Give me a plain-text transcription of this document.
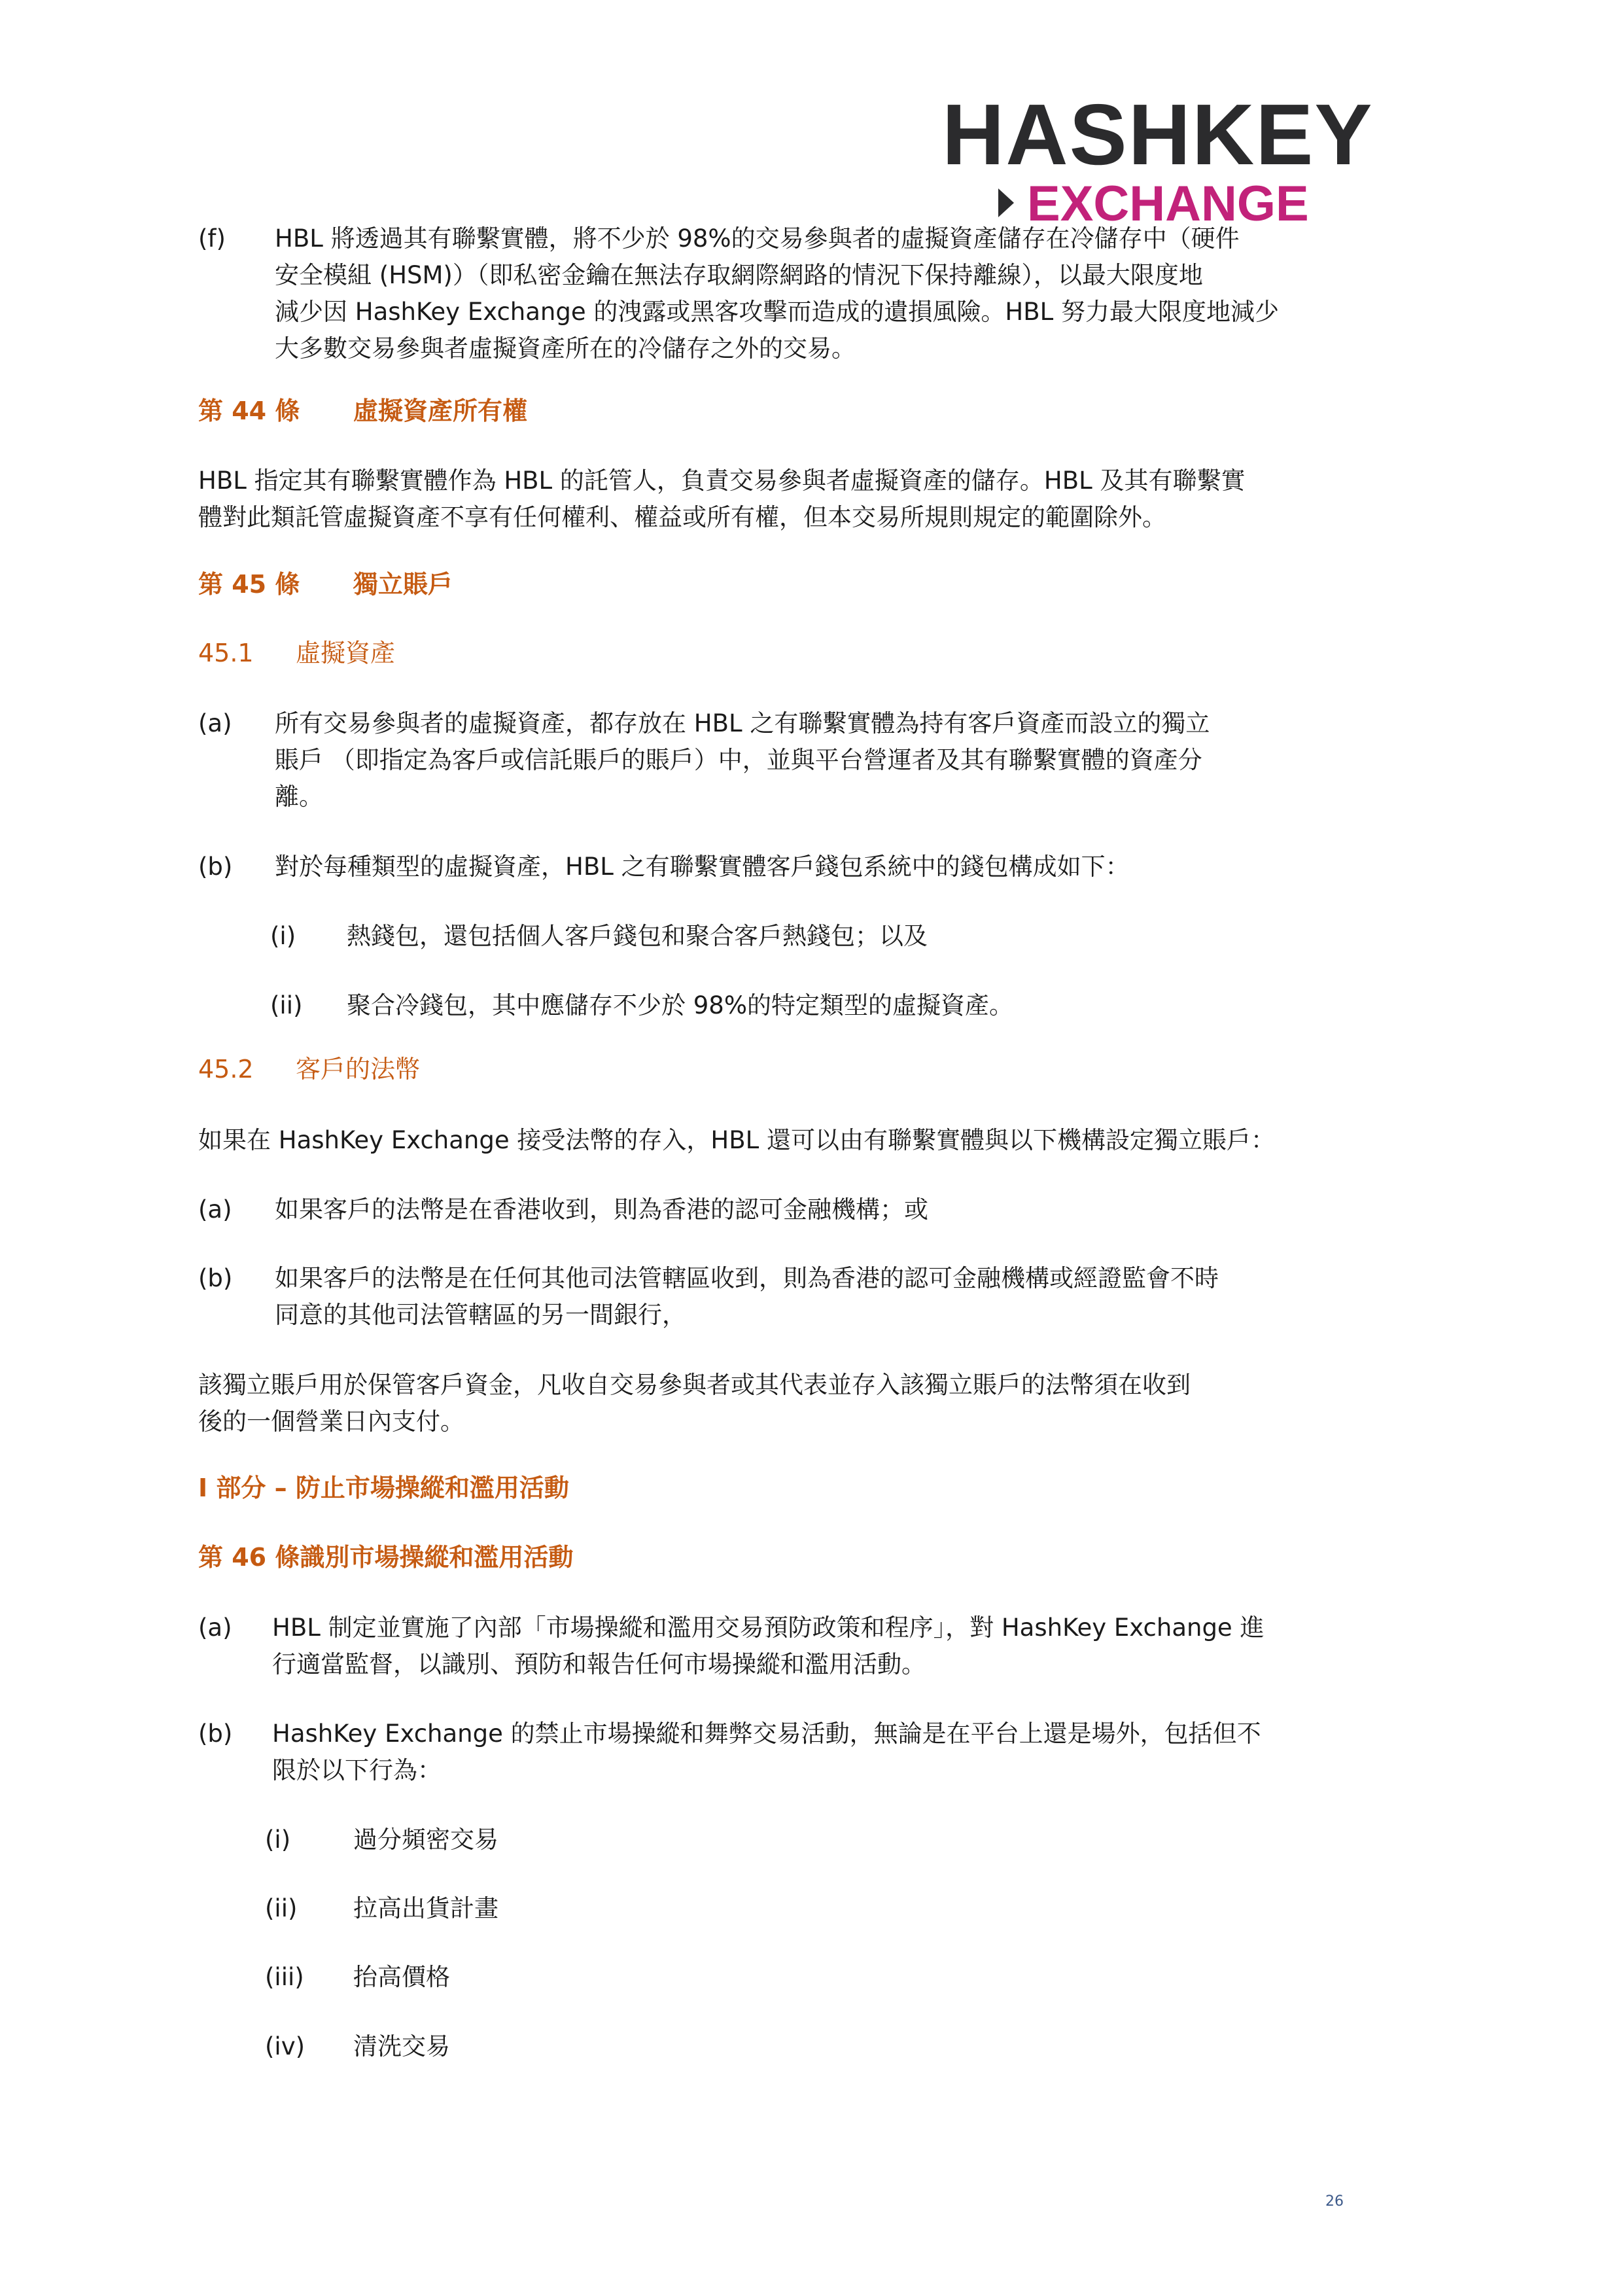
HASHKEY
EXCHANGE
(f) HBL 將透過其有聯繫實體，將不少於 98%的交易參與者的虛擬資產儲存在冷儲存中（硬件
安全模組 (HSM)）（即私密金鑰在無法存取網際網路的情況下保持離線），以最大限度地
減少因 HashKey Exchange 的洩露或黑客攻擊而造成的遺損風險。HBL 努力最大限度地減少
大多數交易參與者虛擬資產所在的冷儲存之外的交易。
第 44 條 虛擬資產所有權
HBL 指定其有聯繫實體作為 HBL 的託管人，負責交易參與者虛擬資產的儲存。HBL 及其有聯繫實
體對此類託管虛擬資產不享有任何權利、權益或所有權，但本交易所規則規定的範圍除外。
第 45 條 獨立賬戶
45.1 虛擬資產
(a) 所有交易參與者的虛擬資產，都存放在 HBL 之有聯繫實體為持有客戶資產而設立的獨立
賬戶 （即指定為客戶或信託賬戶的賬戶）中，並與平台營運者及其有聯繫實體的資產分
離。
(b) 對於每種類型的虛擬資產，HBL 之有聯繫實體客戶錢包系統中的錢包構成如下：
(i) 熱錢包，還包括個人客戶錢包和聚合客戶熱錢包；以及
(ii) 聚合冷錢包，其中應儲存不少於 98%的特定類型的虛擬資產。
45.2 客戶的法幣
如果在 HashKey Exchange 接受法幣的存入，HBL 還可以由有聯繫實體與以下機構設定獨立賬戶：
(a) 如果客戶的法幣是在香港收到，則為香港的認可金融機構；或
(b) 如果客戶的法幣是在任何其他司法管轄區收到，則為香港的認可金融機構或經證監會不時
同意的其他司法管轄區的另一間銀行，
該獨立賬戶用於保管客戶資金，凡收自交易參與者或其代表並存入該獨立賬戶的法幣須在收到
後的一個營業日內支付。
I 部分 – 防止市場操縱和濫用活動
第 46 條識別市場操縱和濫用活動
(a) HBL 制定並實施了內部「市場操縱和濫用交易預防政策和程序」，對 HashKey Exchange 進
行適當監督，以識別、預防和報告任何市場操縱和濫用活動。
(b) HashKey Exchange 的禁止市場操縱和舞弊交易活動，無論是在平台上還是場外，包括但不
限於以下行為：
(i)	過分頻密交易
(ii) 拉高出貨計畫
(iii) 抬高價格
(iv) 清洗交易
26
